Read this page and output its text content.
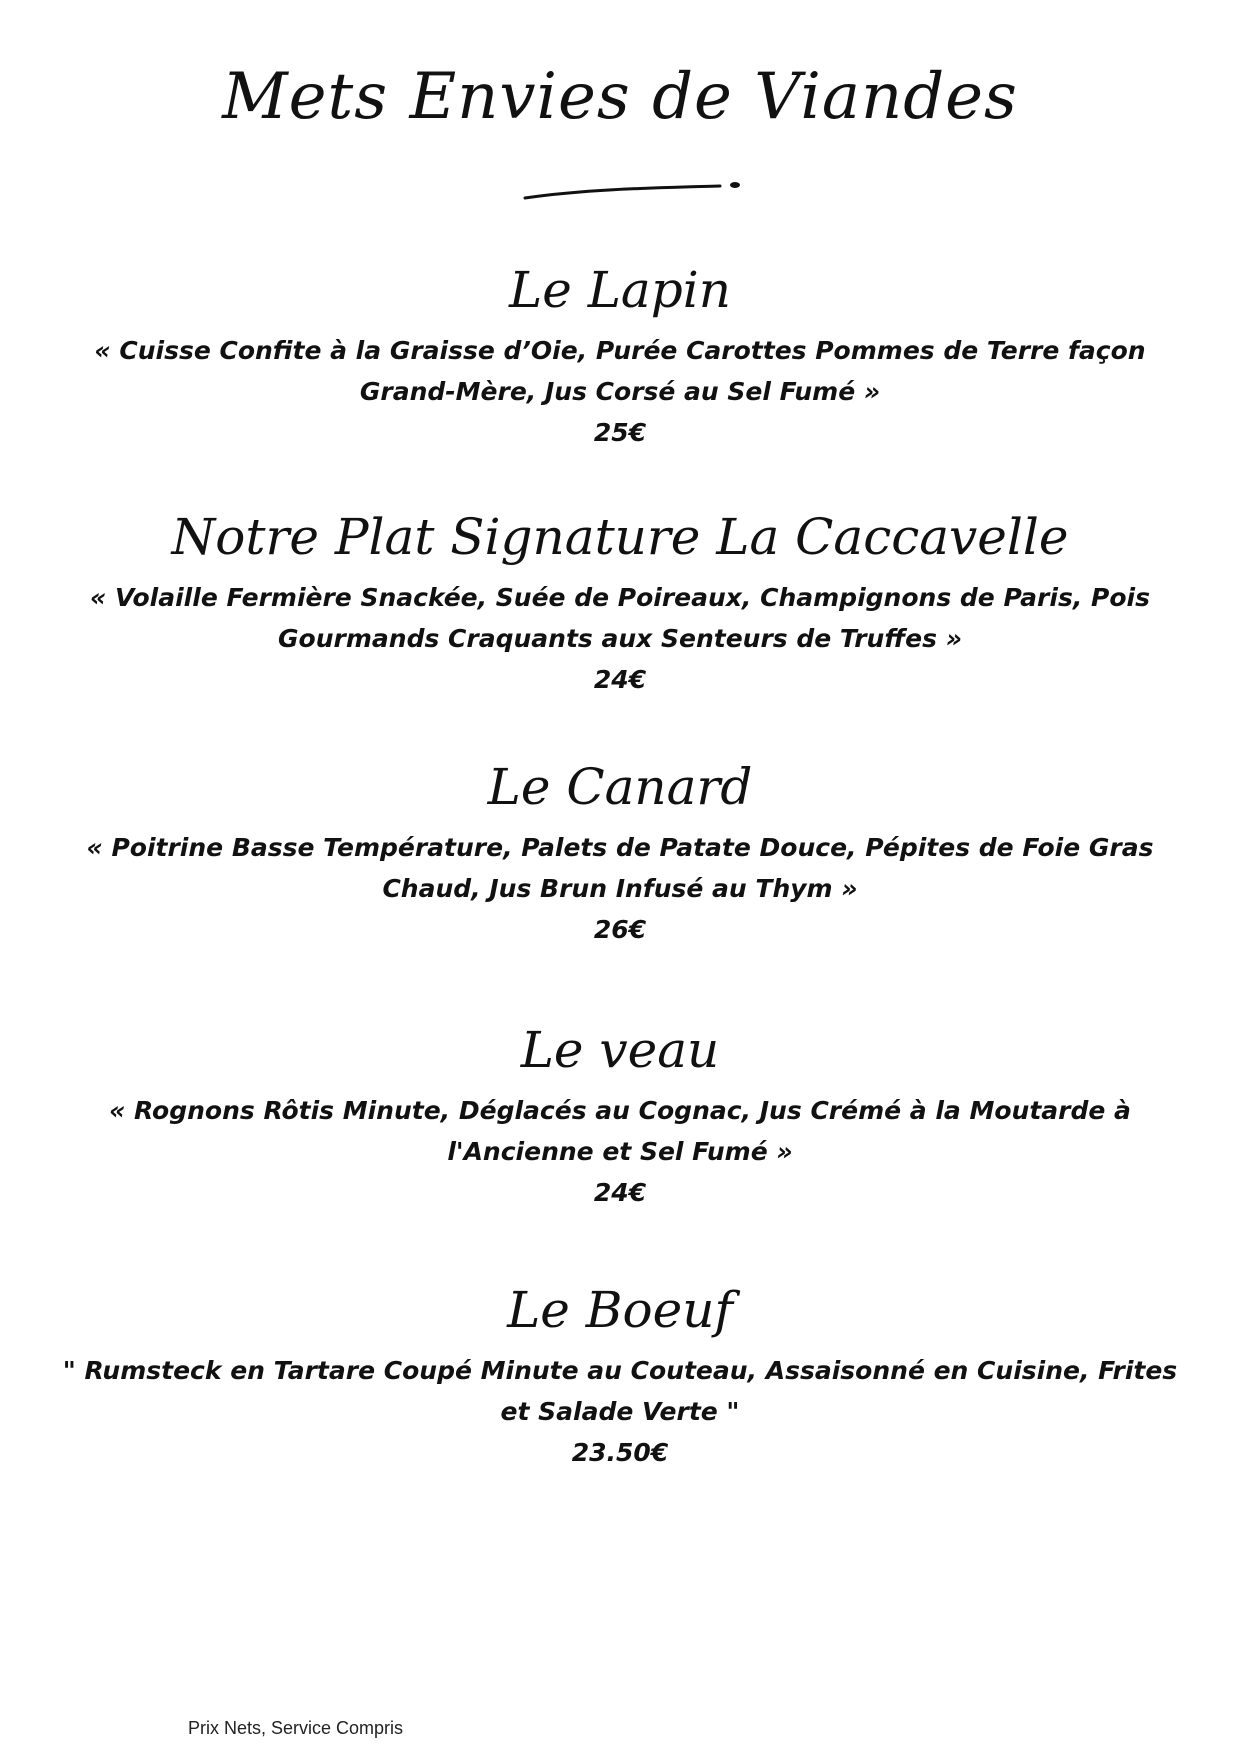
Mets Envies de Viandes
Le Lapin

« Cuisse Confite à la Graisse d’Oie, Purée Carottes Pommes de Terre façon Grand-Mère, Jus Corsé au Sel Fumé »

25€

Notre Plat Signature La Caccavelle

« Volaille Fermière Snackée, Suée de Poireaux, Champignons de Paris, Pois Gourmands Craquants aux Senteurs de Truffes »

24€

Le Canard

« Poitrine Basse Température, Palets de Patate Douce, Pépites de Foie Gras Chaud, Jus Brun Infusé au Thym »

26€

Le veau

« Rognons Rôtis Minute, Déglacés au Cognac, Jus Crémé à la Moutarde à l'Ancienne et Sel Fumé »

24€

Le Boeuf

" Rumsteck en Tartare Coupé Minute au Couteau, Assaisonné en Cuisine, Frites et Salade Verte "

23.50€

Prix Nets, Service Compris
